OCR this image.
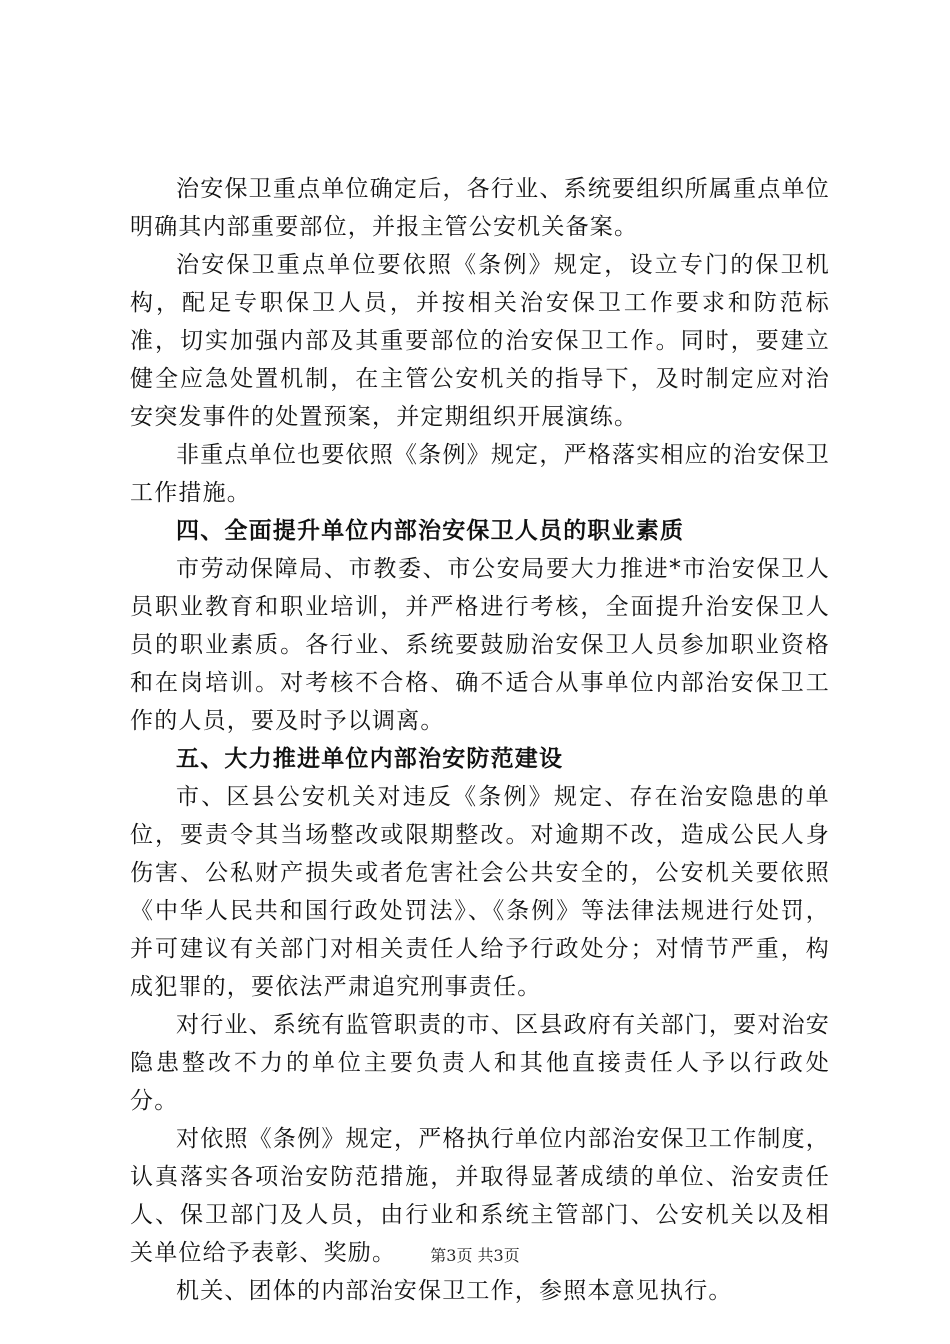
治安保卫重点单位确定后，各行业、系统要组织所属重点单位明确其内部重要部位，并报主管公安机关备案。

治安保卫重点单位要依照《条例》规定，设立专门的保卫机构，配足专职保卫人员，并按相关治安保卫工作要求和防范标准，切实加强内部及其重要部位的治安保卫工作。同时，要建立健全应急处置机制，在主管公安机关的指导下，及时制定应对治安突发事件的处置预案，并定期组织开展演练。

非重点单位也要依照《条例》规定，严格落实相应的治安保卫工作措施。

四、全面提升单位内部治安保卫人员的职业素质

市劳动保障局、市教委、市公安局要大力推进*市治安保卫人员职业教育和职业培训，并严格进行考核，全面提升治安保卫人员的职业素质。各行业、系统要鼓励治安保卫人员参加职业资格和在岗培训。对考核不合格、确不适合从事单位内部治安保卫工作的人员，要及时予以调离。

五、大力推进单位内部治安防范建设

市、区县公安机关对违反《条例》规定、存在治安隐患的单位，要责令其当场整改或限期整改。对逾期不改，造成公民人身伤害、公私财产损失或者危害社会公共安全的，公安机关要依照《中华人民共和国行政处罚法》、《条例》等法律法规进行处罚，并可建议有关部门对相关责任人给予行政处分；对情节严重，构成犯罪的，要依法严肃追究刑事责任。

对行业、系统有监管职责的市、区县政府有关部门，要对治安隐患整改不力的单位主要负责人和其他直接责任人予以行政处分。

对依照《条例》规定，严格执行单位内部治安保卫工作制度，认真落实各项治安防范措施，并取得显著成绩的单位、治安责任人、保卫部门及人员，由行业和系统主管部门、公安机关以及相关单位给予表彰、奖励。

机关、团体的内部治安保卫工作，参照本意见执行。

第3页 共3页
